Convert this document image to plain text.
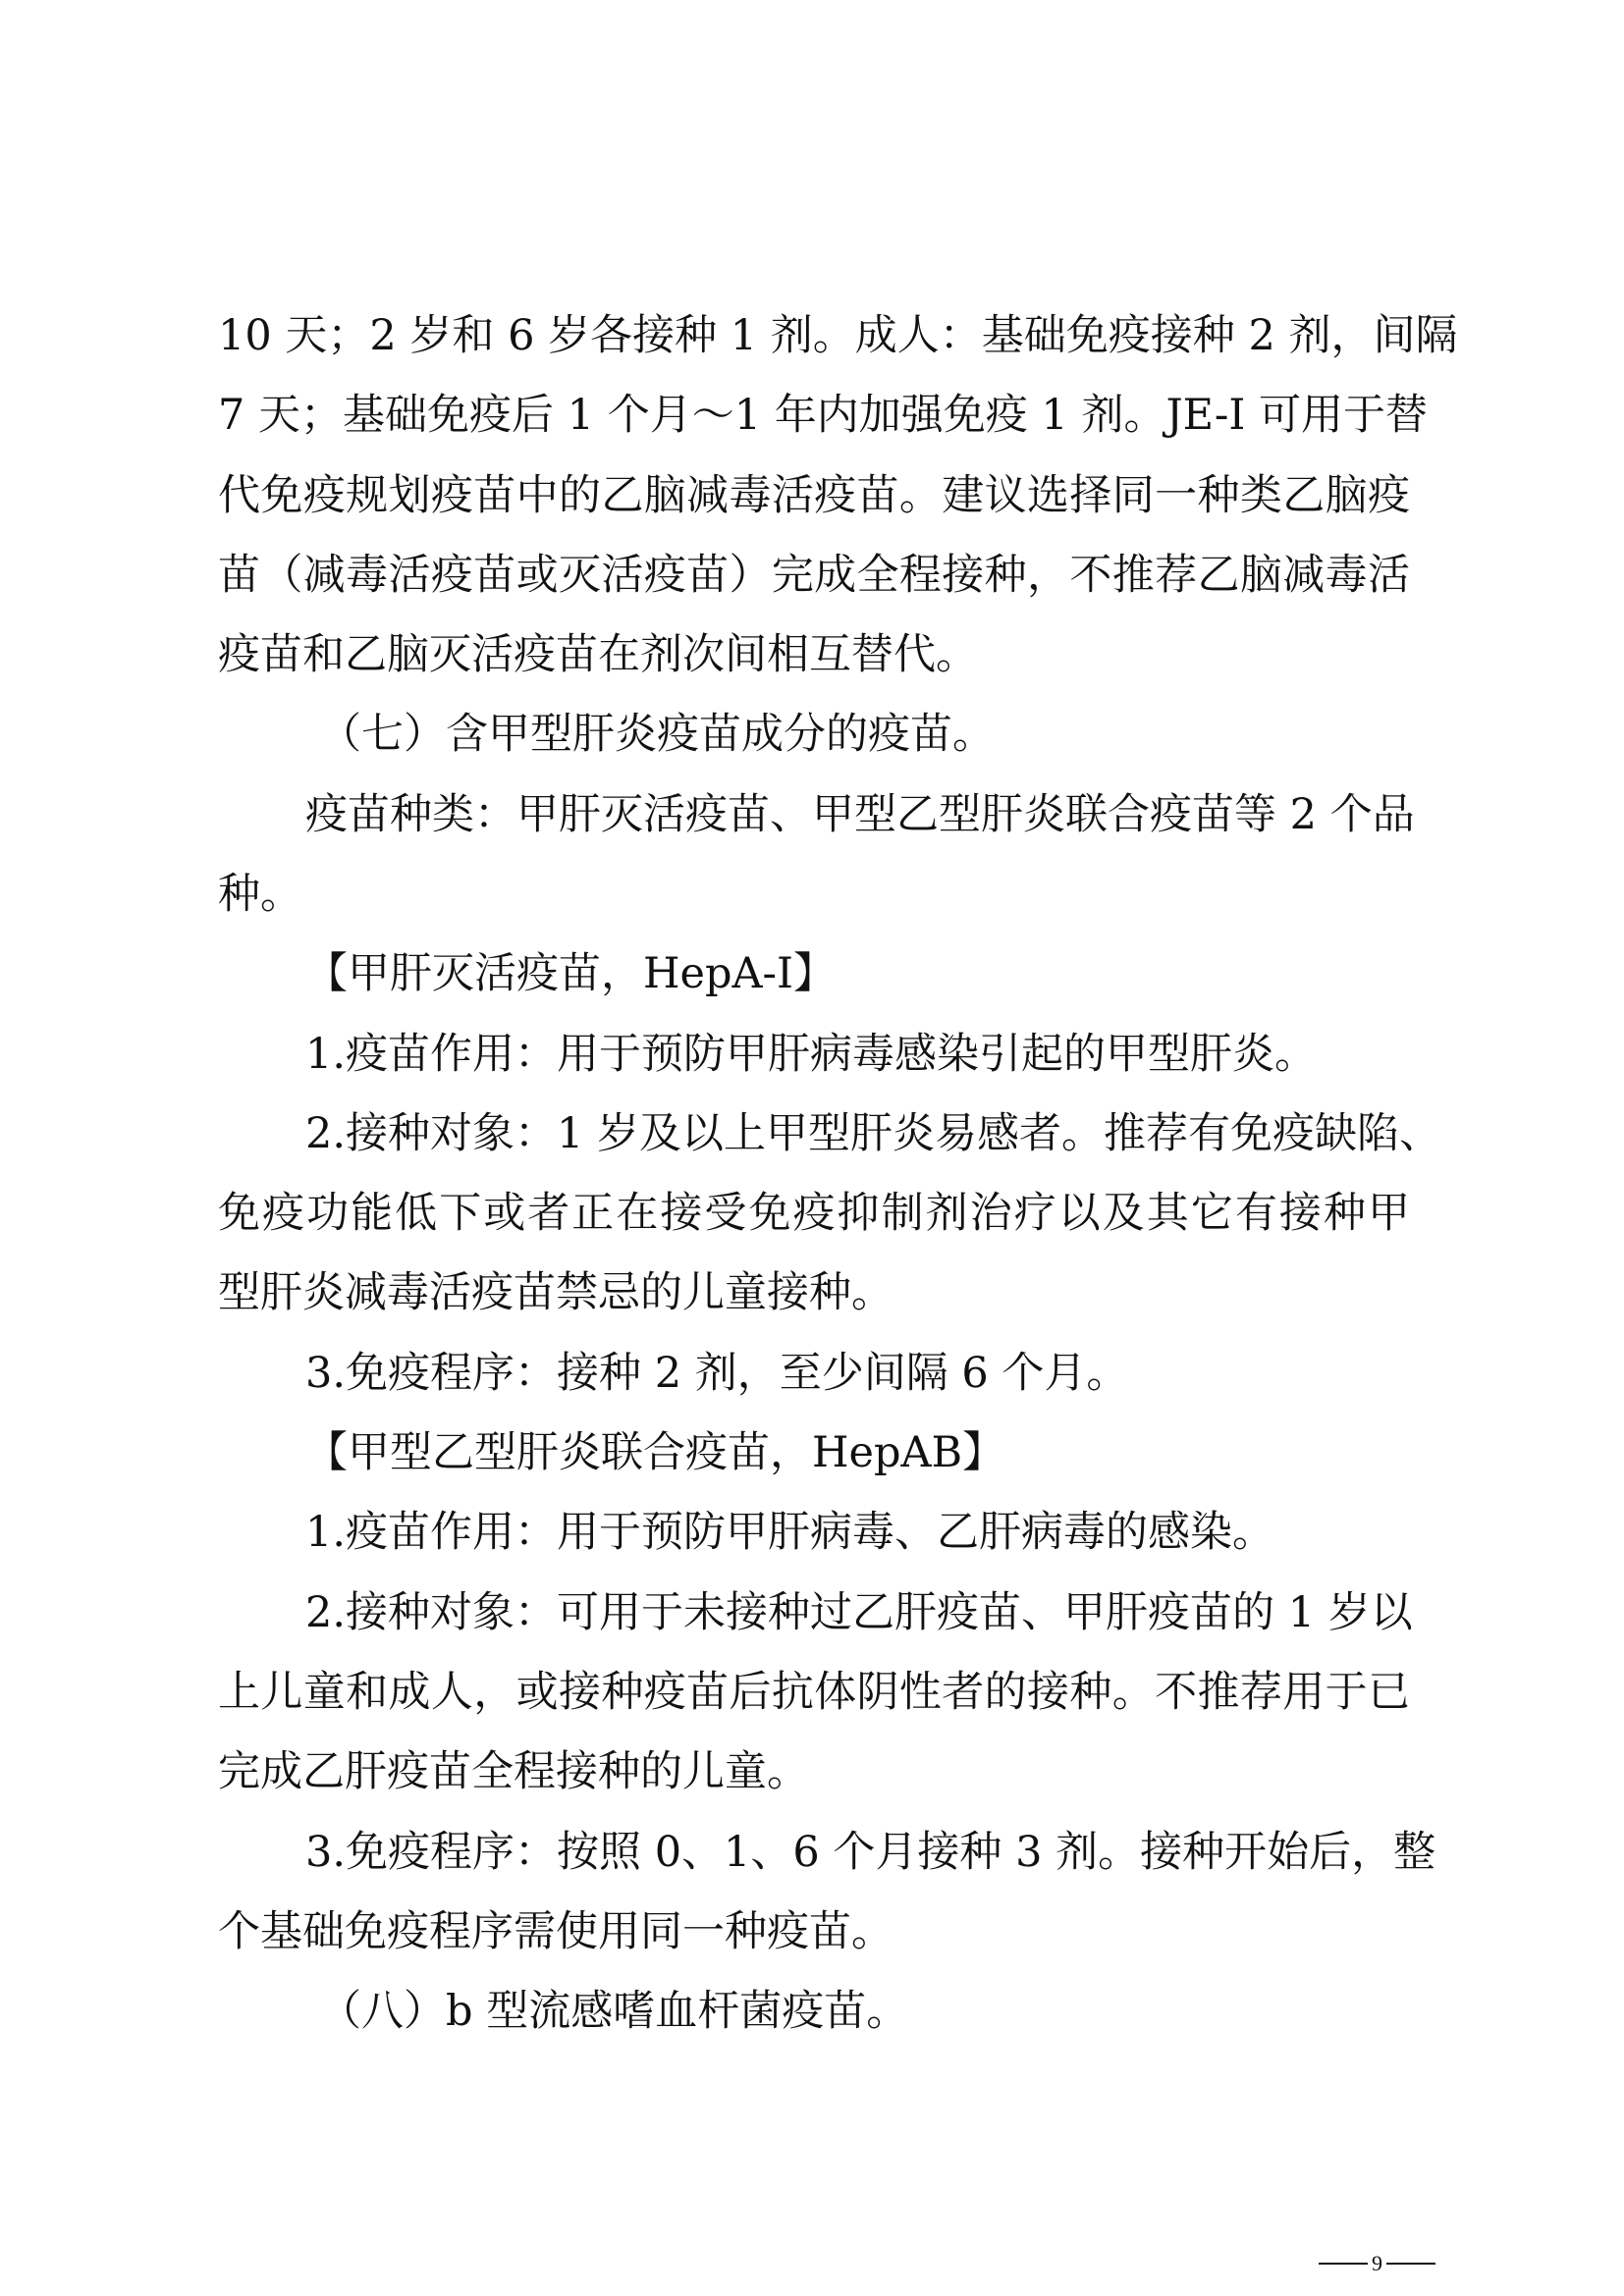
10 天；2 岁和 6 岁各接种 1 剂。成人：基础免疫接种 2 剂，间隔
7 天；基础免疫后 1 个月～1 年内加强免疫 1 剂。JE-I 可用于替
代免疫规划疫苗中的乙脑减毒活疫苗。建议选择同一种类乙脑疫
苗（减毒活疫苗或灭活疫苗）完成全程接种，不推荐乙脑减毒活
疫苗和乙脑灭活疫苗在剂次间相互替代。
（七）含甲型肝炎疫苗成分的疫苗。
疫苗种类：甲肝灭活疫苗、甲型乙型肝炎联合疫苗等 2 个品
种。
【甲肝灭活疫苗，HepA-I】
1.疫苗作用：用于预防甲肝病毒感染引起的甲型肝炎。
2.接种对象：1 岁及以上甲型肝炎易感者。推荐有免疫缺陷、
免疫功能低下或者正在接受免疫抑制剂治疗以及其它有接种甲
型肝炎减毒活疫苗禁忌的儿童接种。
3.免疫程序：接种 2 剂，至少间隔 6 个月。
【甲型乙型肝炎联合疫苗，HepAB】
1.疫苗作用：用于预防甲肝病毒、乙肝病毒的感染。
2.接种对象：可用于未接种过乙肝疫苗、甲肝疫苗的 1 岁以
上儿童和成人，或接种疫苗后抗体阴性者的接种。不推荐用于已
完成乙肝疫苗全程接种的儿童。
3.免疫程序：按照 0、1、6 个月接种 3 剂。接种开始后，整
个基础免疫程序需使用同一种疫苗。
（八）b 型流感嗜血杆菌疫苗。
9
